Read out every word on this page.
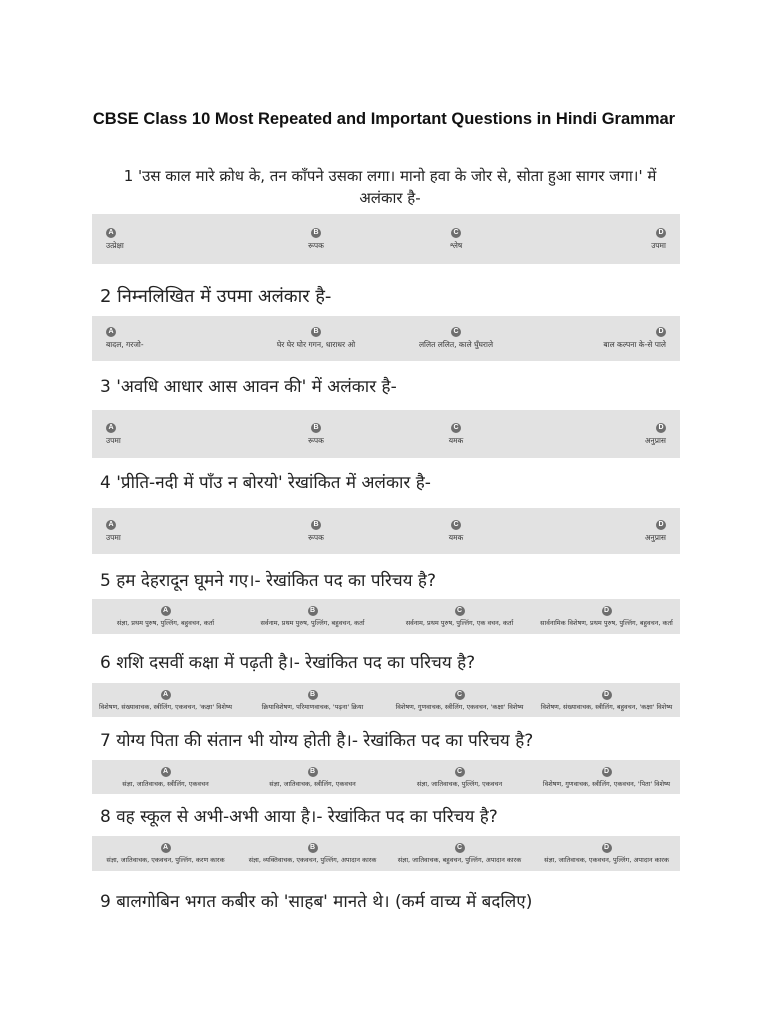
CBSE Class 10 Most Repeated and Important Questions in Hindi Grammar
1 'उस काल मारे क्रोध के, तन काँपने उसका लगा। मानो हवा के जोर से, सोता हुआ सागर जगा।' में अलंकार है-
A
उत्प्रेक्षा
B
रूपक
C
श्लेष
D
उपमा
2 निम्नलिखित में उपमा अलंकार है-
A
बादल, गरजो-
B
घेर घेर घोर गगन, धाराधर ओ
C
ललित ललित, काले घुँघराले
D
बाल कल्पना के-से पाले
3 'अवधि आधार आस आवन की' में अलंकार है-
A
उपमा
B
रूपक
C
यमक
D
अनुप्रास
4 'प्रीति-नदी में पाँउ न बोरयो' रेखांकित में अलंकार है-
A
उपमा
B
रूपक
C
यमक
D
अनुप्रास
5 हम देहरादून घूमने गए।- रेखांकित पद का परिचय है?
A
संज्ञा, प्रथम पुरुष, पुल्लिंग, बहुवचन, कर्ता
B
सर्वनाम, प्रथम पुरुष, पुल्लिंग, बहुवचन, कर्ता
C
सर्वनाम, प्रथम पुरुष, पुल्लिंग, एक वचन, कर्ता
D
सार्वनामिक विशेषण, प्रथम पुरुष, पुल्लिंग, बहुवचन, कर्ता
6 शशि दसवीं कक्षा में पढ़ती है।- रेखांकित पद का परिचय है?
A
विशेषण, संख्यावाचक, स्त्रीलिंग, एकवचन, 'कक्षा' विशेष्य
B
क्रियाविशेषण, परिमाणवाचक, 'पढ़ना' क्रिया
C
विशेषण, गुणवाचक, स्त्रीलिंग, एकवचन, 'कक्षा' विशेष्य
D
विशेषण, संख्यावाचक, स्त्रीलिंग, बहुवचन, 'कक्षा' विशेष्य
7 योग्य पिता की संतान भी योग्य होती है।- रेखांकित पद का परिचय है?
A
संज्ञा, जातिवाचक, स्त्रीलिंग, एकवचन
B
संज्ञा, जातिवाचक, स्त्रीलिंग, एकवचन
C
संज्ञा, जातिवाचक, पुल्लिंग, एकवचन
D
विशेषण, गुणवाचक, स्त्रीलिंग, एकवचन, 'पिता' विशेष्य
8 वह स्कूल से अभी-अभी आया है।- रेखांकित पद का परिचय है?
A
संज्ञा, जातिवाचक, एकवचन, पुल्लिंग, करण कारक
B
संज्ञा, व्यक्तिवाचक, एकवचन, पुल्लिंग, अपादान कारक
C
संज्ञा, जातिवाचक, बहुवचन, पुल्लिंग, अपादान कारक
D
संज्ञा, जातिवाचक, एकवचन, पुल्लिंग, अपादान कारक
9 बालगोबिन भगत कबीर को 'साहब' मानते थे। (कर्म वाच्य में बदलिए)
